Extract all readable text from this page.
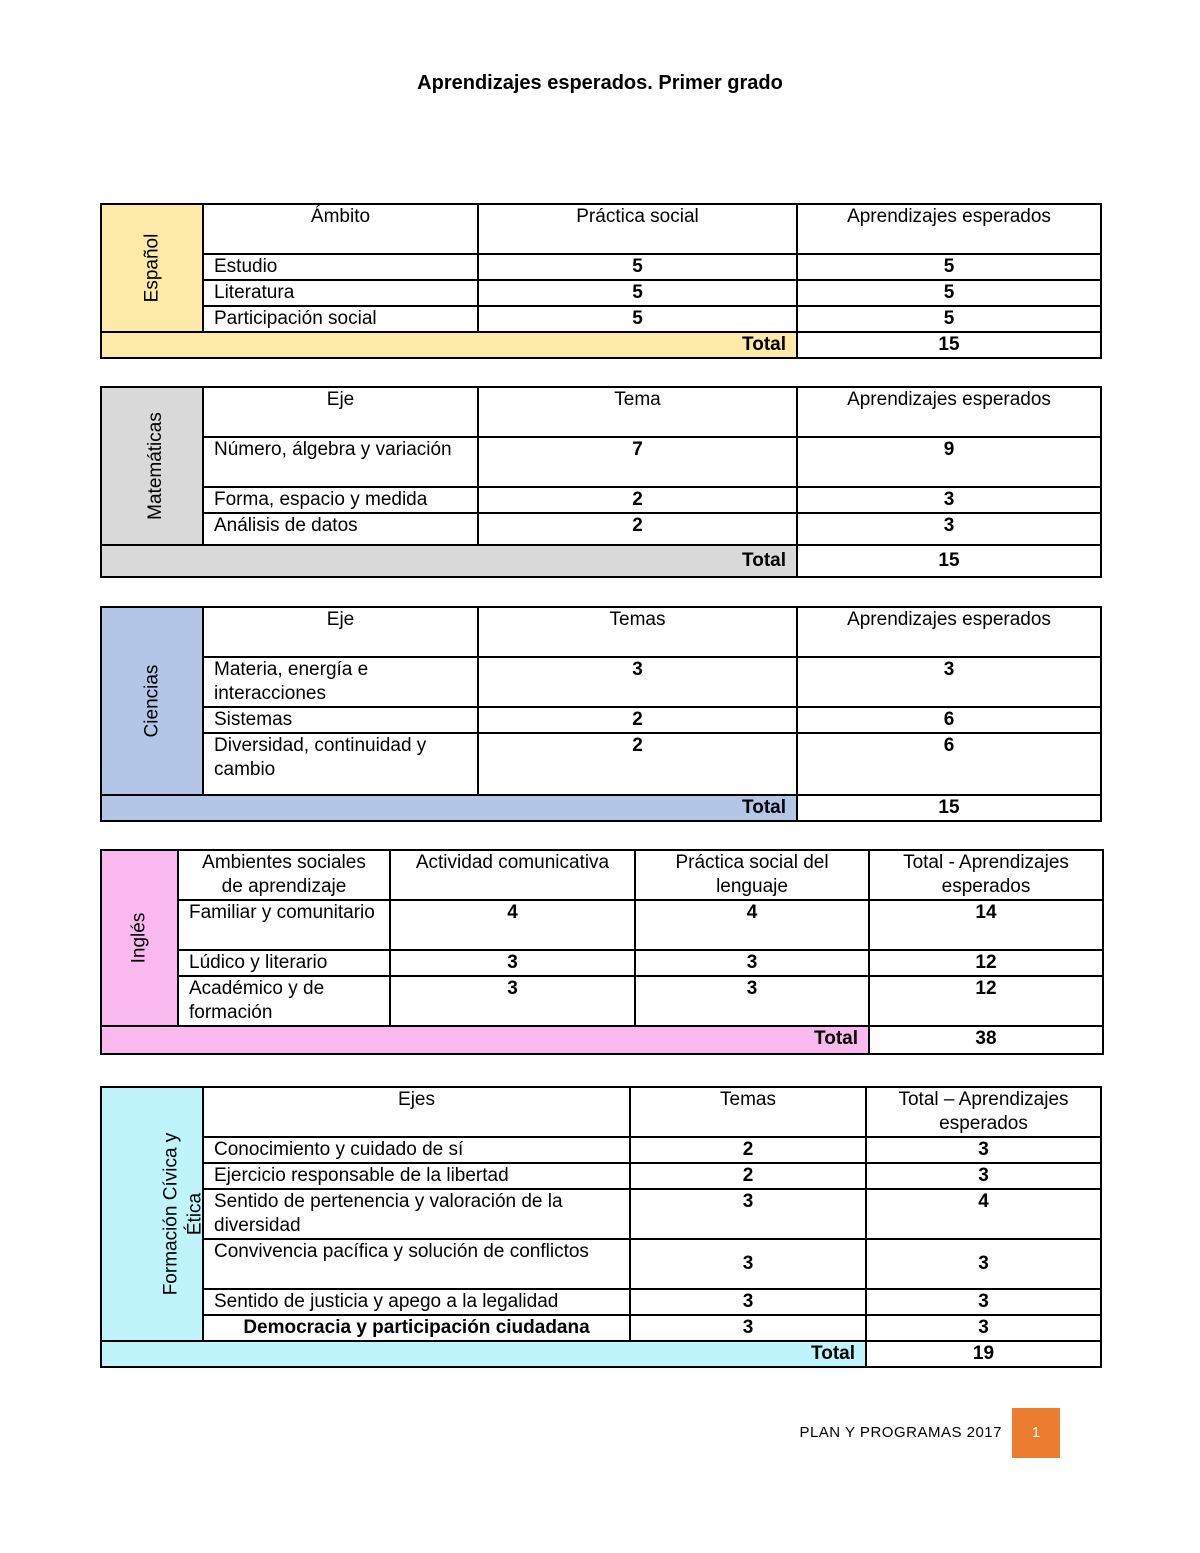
Aprendizajes esperados. Primer grado
Español	Ámbito	Práctica social	Aprendizajes esperados
	Estudio	5	5
	Literatura	5	5
	Participación social	5	5
Total			15
Matemáticas	Eje	Tema	Aprendizajes esperados
	Número, álgebra y variación	7	9
	Forma, espacio y medida	2	3
	Análisis de datos	2	3
Total			15
Ciencias	Eje	Temas	Aprendizajes esperados
	Materia, energía e interacciones	3	3
	Sistemas	2	6
	Diversidad, continuidad y cambio	2	6
Total			15
Inglés	Ambientes sociales de aprendizaje	Actividad comunicativa	Práctica social del lenguaje	Total - Aprendizajes esperados
	Familiar y comunitario	4	4	14
	Lúdico y literario	3	3	12
	Académico y de formación	3	3	12
Total				38
Formación Cívica y Ética	Ejes	Temas	Total – Aprendizajes esperados
	Conocimiento y cuidado de sí	2	3
	Ejercicio responsable de la libertad	2	3
	Sentido de pertenencia y valoración de la diversidad	3	4
	Convivencia pacífica y solución de conflictos	3	3
	Sentido de justicia y apego a la legalidad	3	3
	Democracia y participación ciudadana	3	3
Total			19
PLAN Y PROGRAMAS 2017	1
